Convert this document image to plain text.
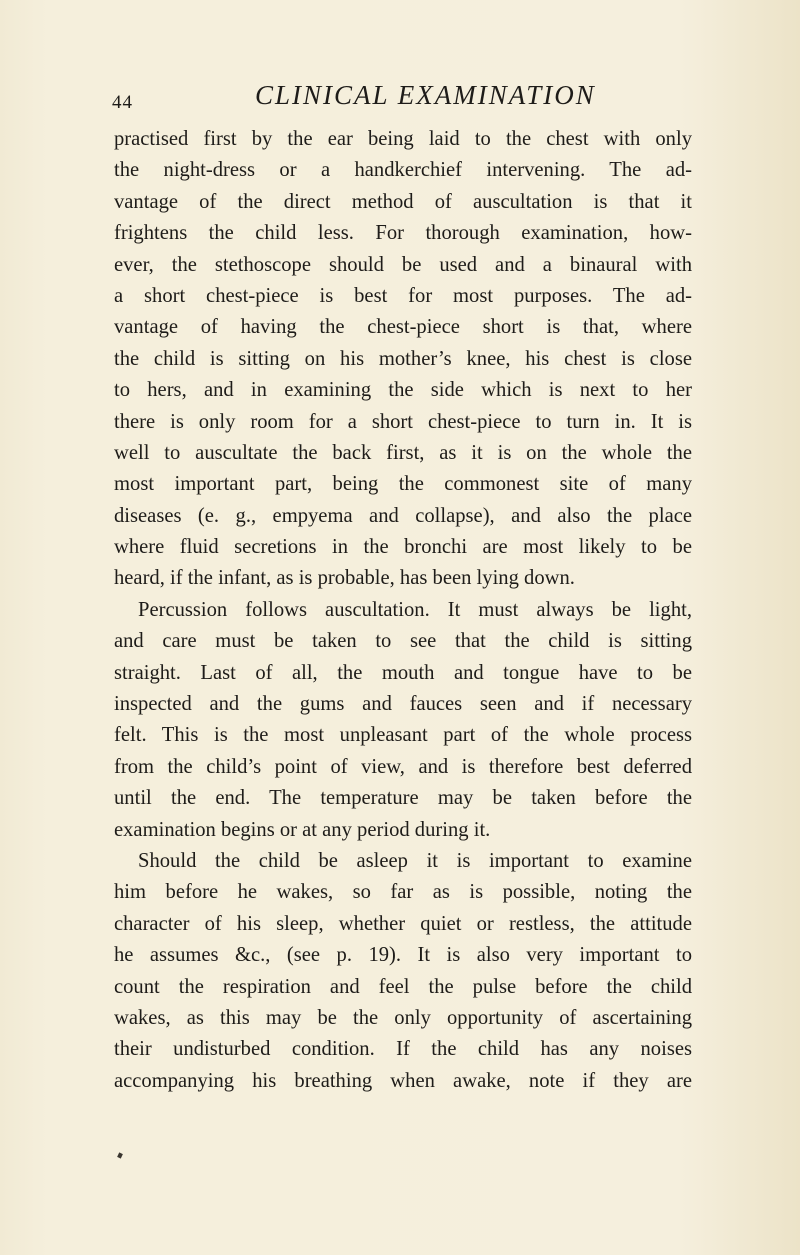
44	CLINICAL EXAMINATION
practised first by the ear being laid to the chest with only
the night-dress or a handkerchief intervening. The ad-
vantage of the direct method of auscultation is that it
frightens the child less. For thorough examination, how-
ever, the stethoscope should be used and a binaural with
a short chest-piece is best for most purposes. The ad-
vantage of having the chest-piece short is that, where
the child is sitting on his mother’s knee, his chest is close
to hers, and in examining the side which is next to her
there is only room for a short chest-piece to turn in. It is
well to auscultate the back first, as it is on the whole the
most important part, being the commonest site of many
diseases (e. g., empyema and collapse), and also the place
where fluid secretions in the bronchi are most likely to be
heard, if the infant, as is probable, has been lying down.
Percussion follows auscultation. It must always be light,
and care must be taken to see that the child is sitting
straight. Last of all, the mouth and tongue have to be
inspected and the gums and fauces seen and if necessary
felt. This is the most unpleasant part of the whole process
from the child’s point of view, and is therefore best deferred
until the end. The temperature may be taken before the
examination begins or at any period during it.
Should the child be asleep it is important to examine
him before he wakes, so far as is possible, noting the
character of his sleep, whether quiet or restless, the attitude
he assumes &c., (see p. 19). It is also very important to
count the respiration and feel the pulse before the child
wakes, as this may be the only opportunity of ascertaining
their undisturbed condition. If the child has any noises
accompanying his breathing when awake, note if they are
